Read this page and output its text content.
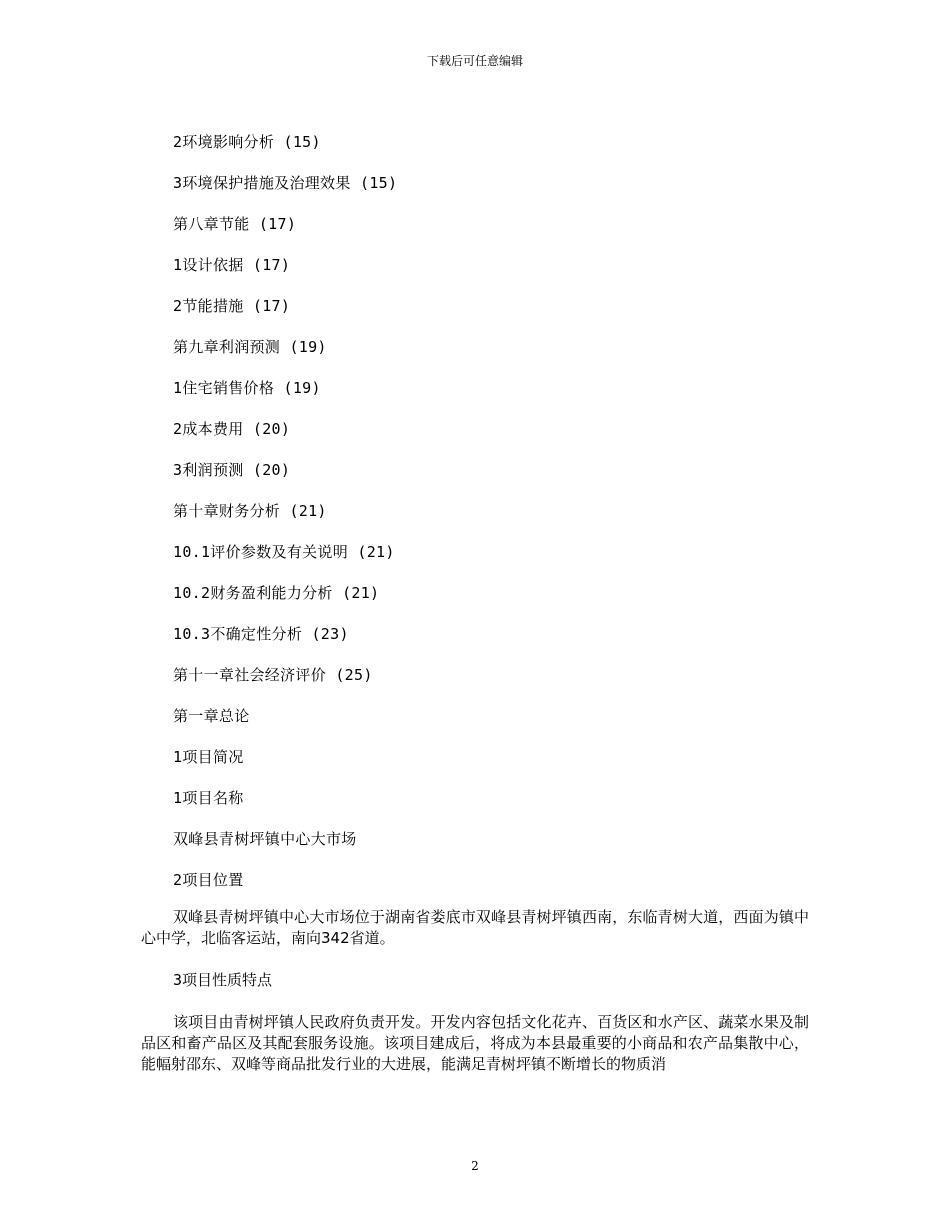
下载后可任意编辑
2环境影响分析 (15)
3环境保护措施及治理效果 (15)
第八章节能 (17)
1设计依据 (17)
2节能措施 (17)
第九章利润预测 (19)
1住宅销售价格 (19)
2成本费用 (20)
3利润预测 (20)
第十章财务分析 (21)
10.1评价参数及有关说明 (21)
10.2财务盈利能力分析 (21)
10.3不确定性分析 (23)
第十一章社会经济评价 (25)
第一章总论
1项目简况
1项目名称
双峰县青树坪镇中心大市场
2项目位置

双峰县青树坪镇中心大市场位于湖南省娄底市双峰县青树坪镇西南，东临青树大道，西面为镇中心中学，北临客运站，南向342省道。

3项目性质特点

该项目由青树坪镇人民政府负责开发。开发内容包括文化花卉、百货区和水产区、蔬菜水果及制品区和畜产品区及其配套服务设施。该项目建成后，将成为本县最重要的小商品和农产品集散中心，能幅射邵东、双峰等商品批发行业的大进展，能满足青树坪镇不断增长的物质消

2
